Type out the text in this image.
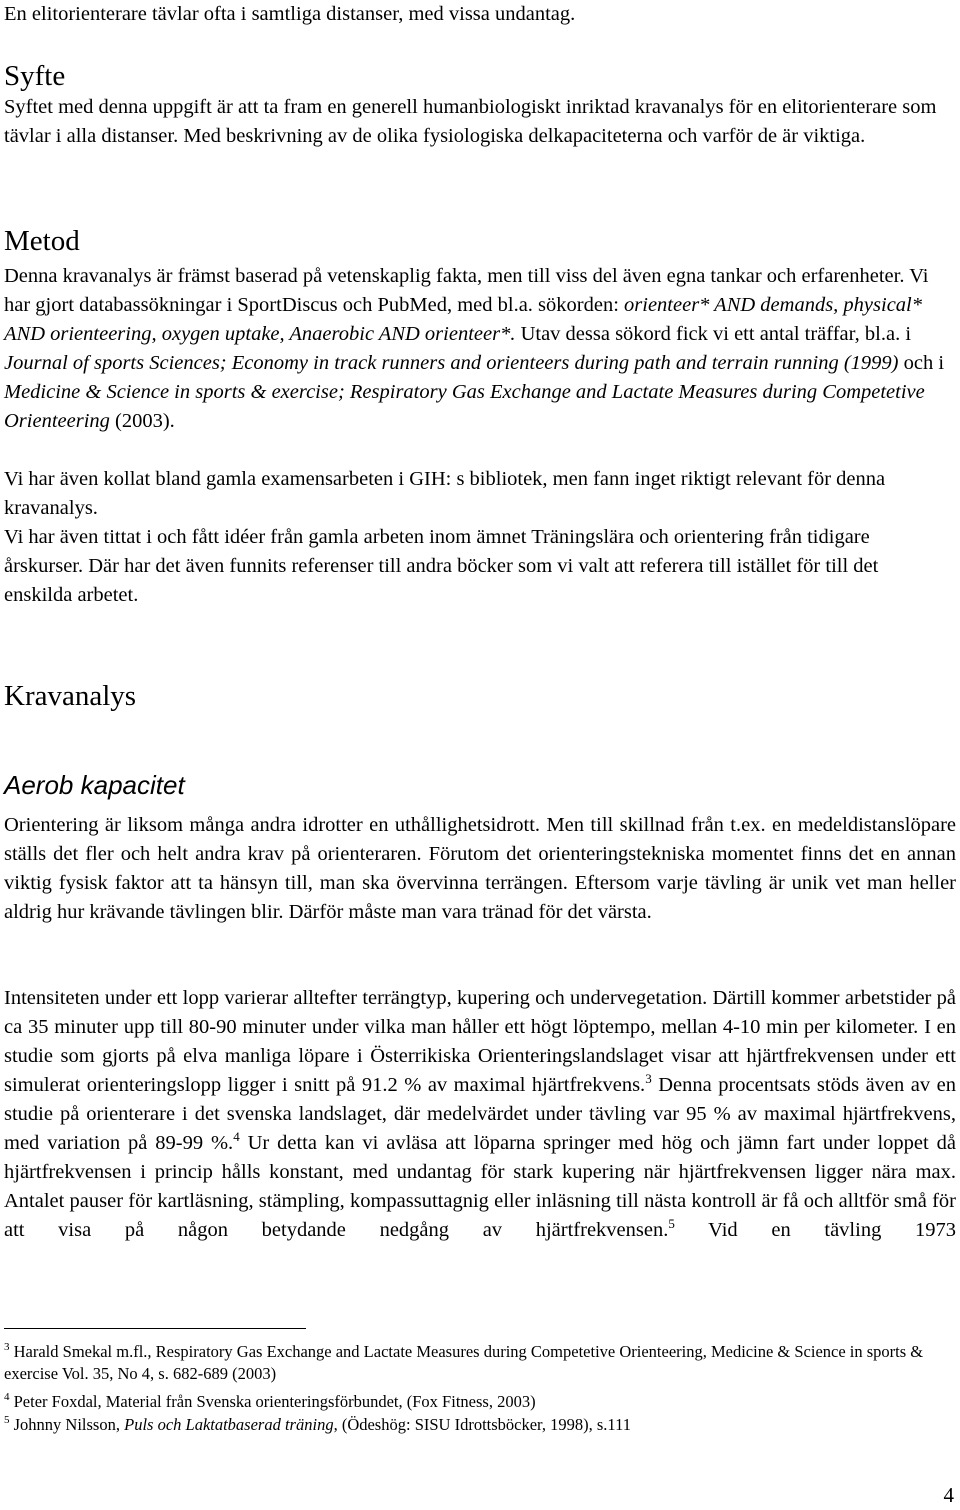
En elitorienterare tävlar ofta i samtliga distanser, med vissa undantag.

Syfte

Syftet med denna uppgift är att ta fram en generell humanbiologiskt inriktad kravanalys för en elitorienterare som tävlar i alla distanser. Med beskrivning av de olika fysiologiska delkapaciteterna och varför de är viktiga.

Metod

Denna kravanalys är främst baserad på vetenskaplig fakta, men till viss del även egna tankar och erfarenheter. Vi har gjort databassökningar i SportDiscus och PubMed, med bl.a. sökorden: orienteer* AND demands, physical* AND orienteering, oxygen uptake, Anaerobic AND orienteer*. Utav dessa sökord fick vi ett antal träffar, bl.a. i Journal of sports Sciences; Economy in track runners and orienteers during path and terrain running (1999) och i Medicine & Science in sports & exercise; Respiratory Gas Exchange and Lactate Measures during Competetive Orienteering (2003).

Vi har även kollat bland gamla examensarbeten i GIH: s bibliotek, men fann inget riktigt relevant för denna kravanalys.

Vi har även tittat i och fått idéer från gamla arbeten inom ämnet Träningslära och orientering från tidigare årskurser. Där har det även funnits referenser till andra böcker som vi valt att referera till istället för till det enskilda arbetet.

Kravanalys

Aerob kapacitet

Orientering är liksom många andra idrotter en uthållighetsidrott. Men till skillnad från t.ex. en medeldistanslöpare ställs det fler och helt andra krav på orienteraren. Förutom det orienteringstekniska momentet finns det en annan viktig fysisk faktor att ta hänsyn till, man ska övervinna terrängen. Eftersom varje tävling är unik vet man heller aldrig hur krävande tävlingen blir. Därför måste man vara tränad för det värsta.

Intensiteten under ett lopp varierar alltefter terrängtyp, kupering och undervegetation. Därtill kommer arbetstider på ca 35 minuter upp till 80-90 minuter under vilka man håller ett högt löptempo, mellan 4-10 min per kilometer. I en studie som gjorts på elva manliga löpare i Österrikiska Orienteringslandslaget visar att hjärtfrekvensen under ett simulerat orienteringslopp ligger i snitt på 91.2 % av maximal hjärtfrekvens.$^3$ Denna procentsats stöds även av en studie på orienterare i det svenska landslaget, där medelvärdet under tävling var 95 % av maximal hjärtfrekvens, med variation på 89-99 %.$^4$ Ur detta kan vi avläsa att löparna springer med hög och jämn fart under loppet då hjärtfrekvensen i princip hålls konstant, med undantag för stark kupering när hjärtfrekvensen ligger nära max. Antalet pauser för kartläsning, stämpling, kompassuttagnig eller inläsning till nästa kontroll är få och alltför små för att visa på någon betydande nedgång av hjärtfrekvensen.$^5$ Vid en tävling 1973
$^3$ Harald Smekal m.fl., Respiratory Gas Exchange and Lactate Measures during Competetive Orienteering, Medicine & Science in sports & exercise Vol. 35, No 4, s. 682-689 (2003)
$^4$ Peter Foxdal, Material från Svenska orienteringsförbundet, (Fox Fitness, 2003)
$^5$ Johnny Nilsson, Puls och Laktatbaserad träning, (Ödeshög: SISU Idrottsböcker, 1998), s.111
4
